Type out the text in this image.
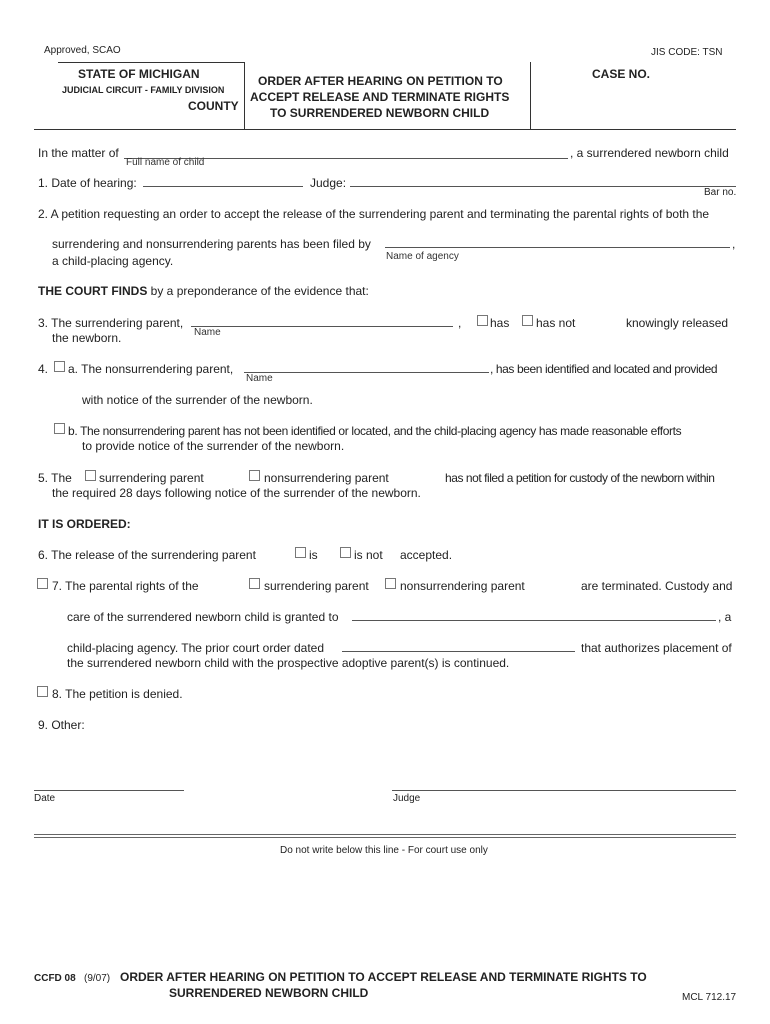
Approved, SCAO	JIS CODE: TSN
STATE OF MICHIGAN
JUDICIAL CIRCUIT - FAMILY DIVISION
COUNTY
ORDER AFTER HEARING ON PETITION TO
ACCEPT RELEASE AND TERMINATE RIGHTS
TO SURRENDERED NEWBORN CHILD
CASE NO.
In the matter of	, a surrendered newborn child
Full name of child
1. Date of hearing:	Judge:
Bar no.
2. A petition requesting an order to accept the release of the surrendering parent and terminating the parental rights of both the
surrendering and nonsurrendering parents has been filed by	,
Name of agency
a child-placing agency.
THE COURT FINDS by a preponderance of the evidence that:
3. The surrendering parent,	,
Name
has has not	knowingly released
the newborn.
4. a. The nonsurrendering parent,	, has been identified and located and provided
Name
with notice of the surrender of the newborn.
b. The nonsurrendering parent has not been identified or located, and the child-placing agency has made reasonable efforts
to provide notice of the surrender of the newborn.
5. The surrendering parent	nonsurrendering parent	has not filed a petition for custody of the newborn within
the required 28 days following notice of the surrender of the newborn.
IT IS ORDERED:
6. The release of the surrendering parent	is	is not accepted.
7. The parental rights of the	surrendering parent	nonsurrendering parent	are terminated. Custody and
care of the surrendered newborn child is granted to	, a
child-placing agency. The prior court order dated	that authorizes placement of
the surrendered newborn child with the prospective adoptive parent(s) is continued.
8. The petition is denied.
9. Other:
Date	Judge
Do not write below this line - For court use only
CCFD 08 (9/07) ORDER AFTER HEARING ON PETITION TO ACCEPT RELEASE AND TERMINATE RIGHTS TO
SURRENDERED NEWBORN CHILD	MCL 712.17
